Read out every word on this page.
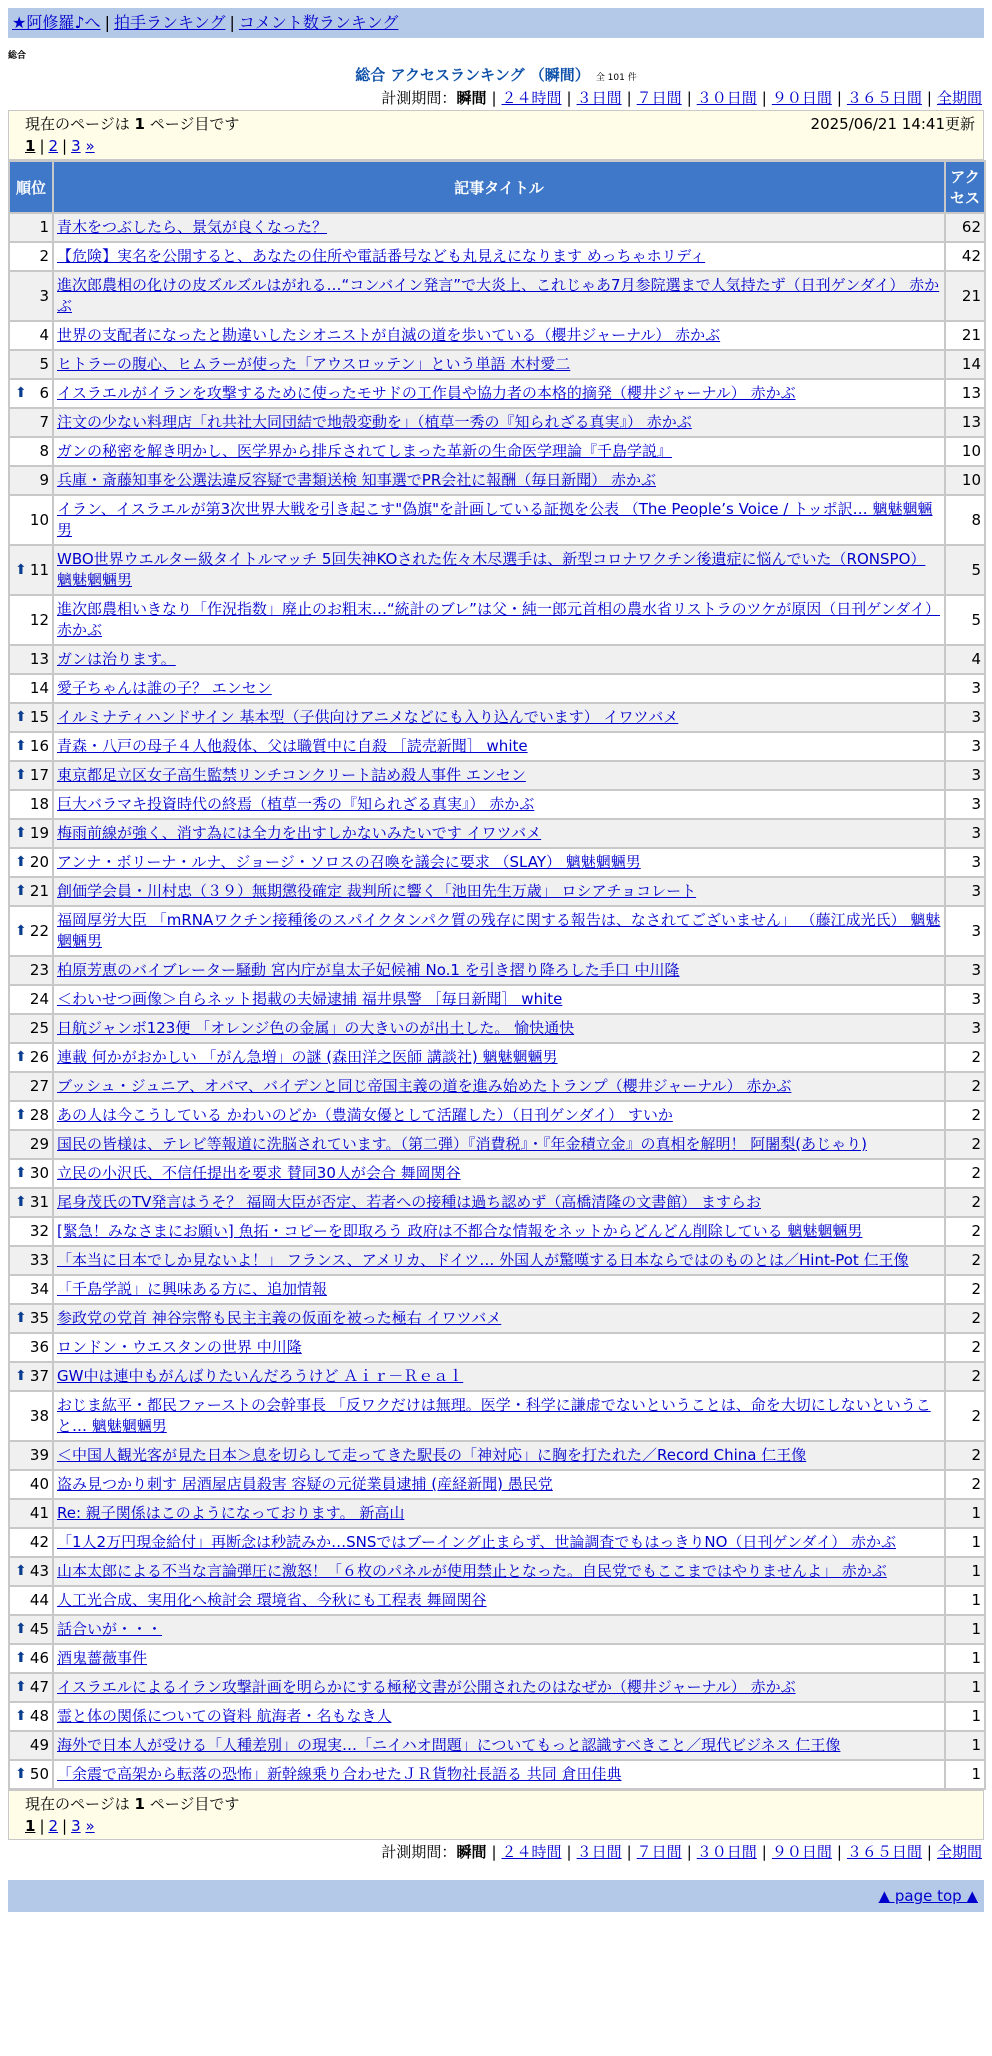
★阿修羅♪へ | 拍手ランキング | コメント数ランキング
総合
総合 アクセスランキング （瞬間） 全 101 件
計測期間：瞬間 | ２４時間 | ３日間 | ７日間 | ３０日間 | ９０日間 | ３６５日間 | 全期間
現在のページは 1 ページ目です	2025/06/21 14:41更新
1 | 2 | 3 »
順位	記事タイトル	アクセス
1	青木をつぶしたら、景気が良くなった？	62
2	【危険】実名を公開すると、あなたの住所や電話番号なども丸見えになります めっちゃホリディ	42
3	進次郎農相の化けの皮ズルズルはがれる…“コンバイン発言”で大炎上、これじゃあ7月参院選まで人気持たず（日刊ゲンダイ） 赤かぶ	21
4	世界の支配者になったと勘違いしたシオニストが自滅の道を歩いている（櫻井ジャーナル） 赤かぶ	21
5	ヒトラーの腹心、ヒムラーが使った「アウスロッテン」という単語 木村愛二	14

⬆ 6	イスラエルがイランを攻撃するために使ったモサドの工作員や協力者の本格的摘発（櫻井ジャーナル） 赤かぶ	13
7	注文の少ない料理店「れ共社大同団結で地殻変動を」（植草一秀の『知られざる真実』） 赤かぶ	13
8	ガンの秘密を解き明かし、医学界から排斥されてしまった革新の生命医学理論『千島学説』	10
9	兵庫・斎藤知事を公選法違反容疑で書類送検 知事選でPR会社に報酬（毎日新聞） 赤かぶ	10
10	イラン、イスラエルが第3次世界大戦を引き起こす"偽旗"を計画している証拠を公表 （The People’s Voice / トッポ訳… 魑魅魍魎男	8

⬆ 11	WBO世界ウエルター級タイトルマッチ 5回失神KOされた佐々木尽選手は、新型コロナワクチン後遺症に悩んでいた（RONSPO） 魑魅魍魎男	5
12	進次郎農相いきなり「作況指数」廃止のお粗末…“統計のブレ”は父・純一郎元首相の農水省リストラのツケが原因（日刊ゲンダイ） 赤かぶ	5
13	ガンは治ります。	4
14	愛子ちゃんは誰の子？ エンセン	3

⬆ 15	イルミナティハンドサイン 基本型（子供向けアニメなどにも入り込んでいます） イワツバメ	3

⬆ 16	青森・八戸の母子４人他殺体、父は職質中に自殺 ［読売新聞］ white	3

⬆ 17	東京都足立区女子高生監禁リンチコンクリート詰め殺人事件 エンセン	3
18	巨大バラマキ投資時代の終焉（植草一秀の『知られざる真実』） 赤かぶ	3

⬆ 19	梅雨前線が強く、消す為には全力を出すしかないみたいです イワツバメ	3

⬆ 20	アンナ・ボリーナ・ルナ、ジョージ・ソロスの召喚を議会に要求 （SLAY） 魑魅魍魎男	3

⬆ 21	創価学会員・川村忠（３９）無期懲役確定 裁判所に響く「池田先生万歳」 ロシアチョコレート	3

⬆ 22	福岡厚労大臣 「mRNAワクチン接種後のスパイクタンパク質の残存に関する報告は、なされてございません」 （藤江成光氏） 魑魅魍魎男	3
23	柏原芳恵のバイブレーター騒動 宮内庁が皇太子妃候補 No.1 を引き摺り降ろした手口 中川隆	3
24	＜わいせつ画像＞自らネット掲載の夫婦逮捕 福井県警 ［毎日新聞］ white	3
25	日航ジャンボ123便 「オレンジ色の金属」の大きいのが出土した。 愉快通快	3

⬆ 26	連載 何かがおかしい 「がん急増」の謎 (森田洋之医師 講談社) 魑魅魍魎男	2
27	ブッシュ・ジュニア、オバマ、バイデンと同じ帝国主義の道を進み始めたトランプ（櫻井ジャーナル） 赤かぶ	2

⬆ 28	あの人は今こうしている かわいのどか（豊満女優として活躍した）（日刊ゲンダイ） すいか	2
29	国民の皆様は、テレビ等報道に洗脳されています。（第二弾）『消費税』・『年金積立金』の真相を解明！ 阿闍梨(あじゃり)	2

⬆ 30	立民の小沢氏、不信任提出を要求 賛同30人が会合 舞岡関谷	2

⬆ 31	尾身茂氏のTV発言はうそ？ 福岡大臣が否定、若者への接種は過ち認めず（高橋清隆の文書館） ますらお	2
32	[緊急！みなさまにお願い] 魚拓・コピーを即取ろう 政府は不都合な情報をネットからどんどん削除している 魑魅魍魎男	2
33	「本当に日本でしか見ないよ！」 フランス、アメリカ、ドイツ… 外国人が驚嘆する日本ならではのものとは／Hint-Pot 仁王像	2
34	「千島学説」に興味ある方に、追加情報	2

⬆ 35	参政党の党首 神谷宗幣も民主主義の仮面を被った極右 イワツバメ	2
36	ロンドン・ウエスタンの世界 中川隆	2

⬆ 37	GW中は連中もがんばりたいんだろうけど Ａｉｒ－Ｒｅａｌ	2
38	おじま紘平・都民ファーストの会幹事長 「反ワクだけは無理。医学・科学に謙虚でないということは、命を大切にしないということ… 魑魅魍魎男	2
39	＜中国人観光客が見た日本＞息を切らして走ってきた駅長の「神対応」に胸を打たれた／Record China 仁王像	2
40	盗み見つかり刺す 居酒屋店員殺害 容疑の元従業員逮捕 (産経新聞) 愚民党	2
41	Re: 親子関係はこのようになっております。 新高山	1
42	「1人2万円現金給付」再断念は秒読みか…SNSではブーイング止まらず、世論調査でもはっきりNO（日刊ゲンダイ） 赤かぶ	1

⬆ 43	山本太郎による不当な言論弾圧に激怒！「６枚のパネルが使用禁止となった。自民党でもここまではやりませんよ」 赤かぶ	1
44	人工光合成、実用化へ検討会 環境省、今秋にも工程表 舞岡関谷	1

⬆ 45	話合いが・・・	1

⬆ 46	酒鬼薔薇事件	1

⬆ 47	イスラエルによるイラン攻撃計画を明らかにする極秘文書が公開されたのはなぜか（櫻井ジャーナル） 赤かぶ	1

⬆ 48	霊と体の関係についての資料 航海者・名もなき人	1
49	海外で日本人が受ける「人種差別」の現実…「ニイハオ問題」についてもっと認識すべきこと／現代ビジネス 仁王像	1

⬆ 50	「余震で高架から転落の恐怖」新幹線乗り合わせたＪＲ貨物社長語る 共同 倉田佳典	1
現在のページは 1 ページ目です
1 | 2 | 3 »
計測期間：瞬間 | ２４時間 | ３日間 | ７日間 | ３０日間 | ９０日間 | ３６５日間 | 全期間
▲ page top ▲
